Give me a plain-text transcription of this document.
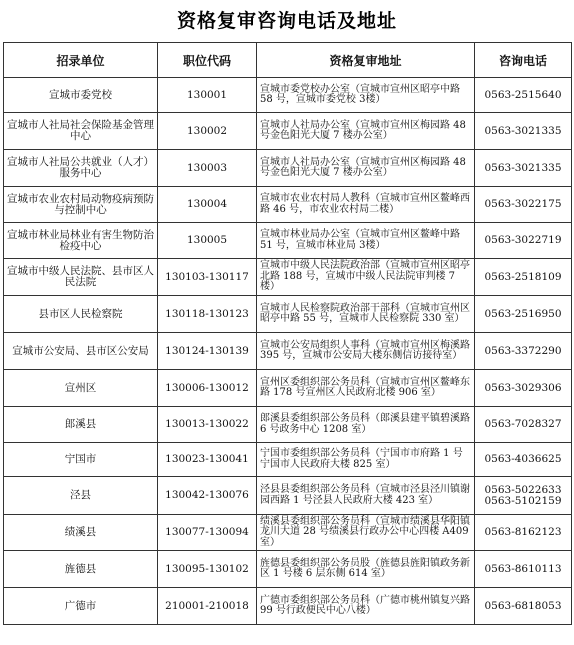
资格复审咨询电话及地址
招录单位	职位代码	资格复审地址	咨询电话
宣城市委党校	130001	宣城市委党校办公室（宣城市宣州区昭亭中路 58 号，宣城市委党校 3楼）	0563-2515640
宣城市人社局社会保险基金管理中心	130002	宣城市人社局办公室（宣城市宣州区梅园路 48 号金色阳光大厦 7 楼办公室）	0563-3021335
宣城市人社局公共就业（人才）服务中心	130003	宣城市人社局办公室（宣城市宣州区梅园路 48 号金色阳光大厦 7 楼办公室）	0563-3021335
宣城市农业农村局动物疫病预防与控制中心	130004	宣城市农业农村局人教科（宣城市宣州区鳌峰西路 46 号，市农业农村局二楼）	0563-3022175
宣城市林业局林业有害生物防治检疫中心	130005	宣城市林业局办公室（宣城市宣州区鳌峰中路 51 号，宣城市林业局 3楼）	0563-3022719
宣城市中级人民法院、县市区人民法院	130103-130117	宣城市中级人民法院政治部（宣城市宣州区昭亭北路 188 号，宣城市中级人民法院审判楼 7 楼）	0563-2518109
县市区人民检察院	130118-130123	宣城市人民检察院政治部干部科（宣城市宣州区昭亭中路 55 号，宣城市人民检察院 330 室）	0563-2516950
宣城市公安局、县市区公安局	130124-130139	宣城市公安局组织人事科（宣城市宣州区梅溪路 395 号，宣城市公安局大楼东侧信访接待室）	0563-3372290
宣州区	130006-130012	宣州区委组织部公务员科（宣城市宣州区鳌峰东路 178 号宣州区人民政府北楼 906 室）	0563-3029306
郎溪县	130013-130022	郎溪县委组织部公务员科（郎溪县建平镇碧溪路 6 号政务中心 1208 室）	0563-7028327
宁国市	130023-130041	宁国市委组织部公务员科（宁国市市府路 1 号宁国市人民政府大楼 825 室）	0563-4036625
泾县	130042-130076	泾县县委组织部公务员科（宣城市泾县泾川镇谢园西路 1 号泾县人民政府大楼 423 室）	0563-5022633
0563-5102159
绩溪县	130077-130094	绩溪县委组织部公务员科（宣城市绩溪县华阳镇龙川大道 28 号绩溪县行政办公中心四楼 A409 室）	0563-8162123
旌德县	130095-130102	旌德县委组织部公务员股（旌德县旌阳镇政务新区 1 号楼 6 层东侧 614 室）	0563-8610113
广德市	210001-210018	广德市委组织部公务员科（广德市桃州镇复兴路 99 号行政便民中心八楼）	0563-6818053
